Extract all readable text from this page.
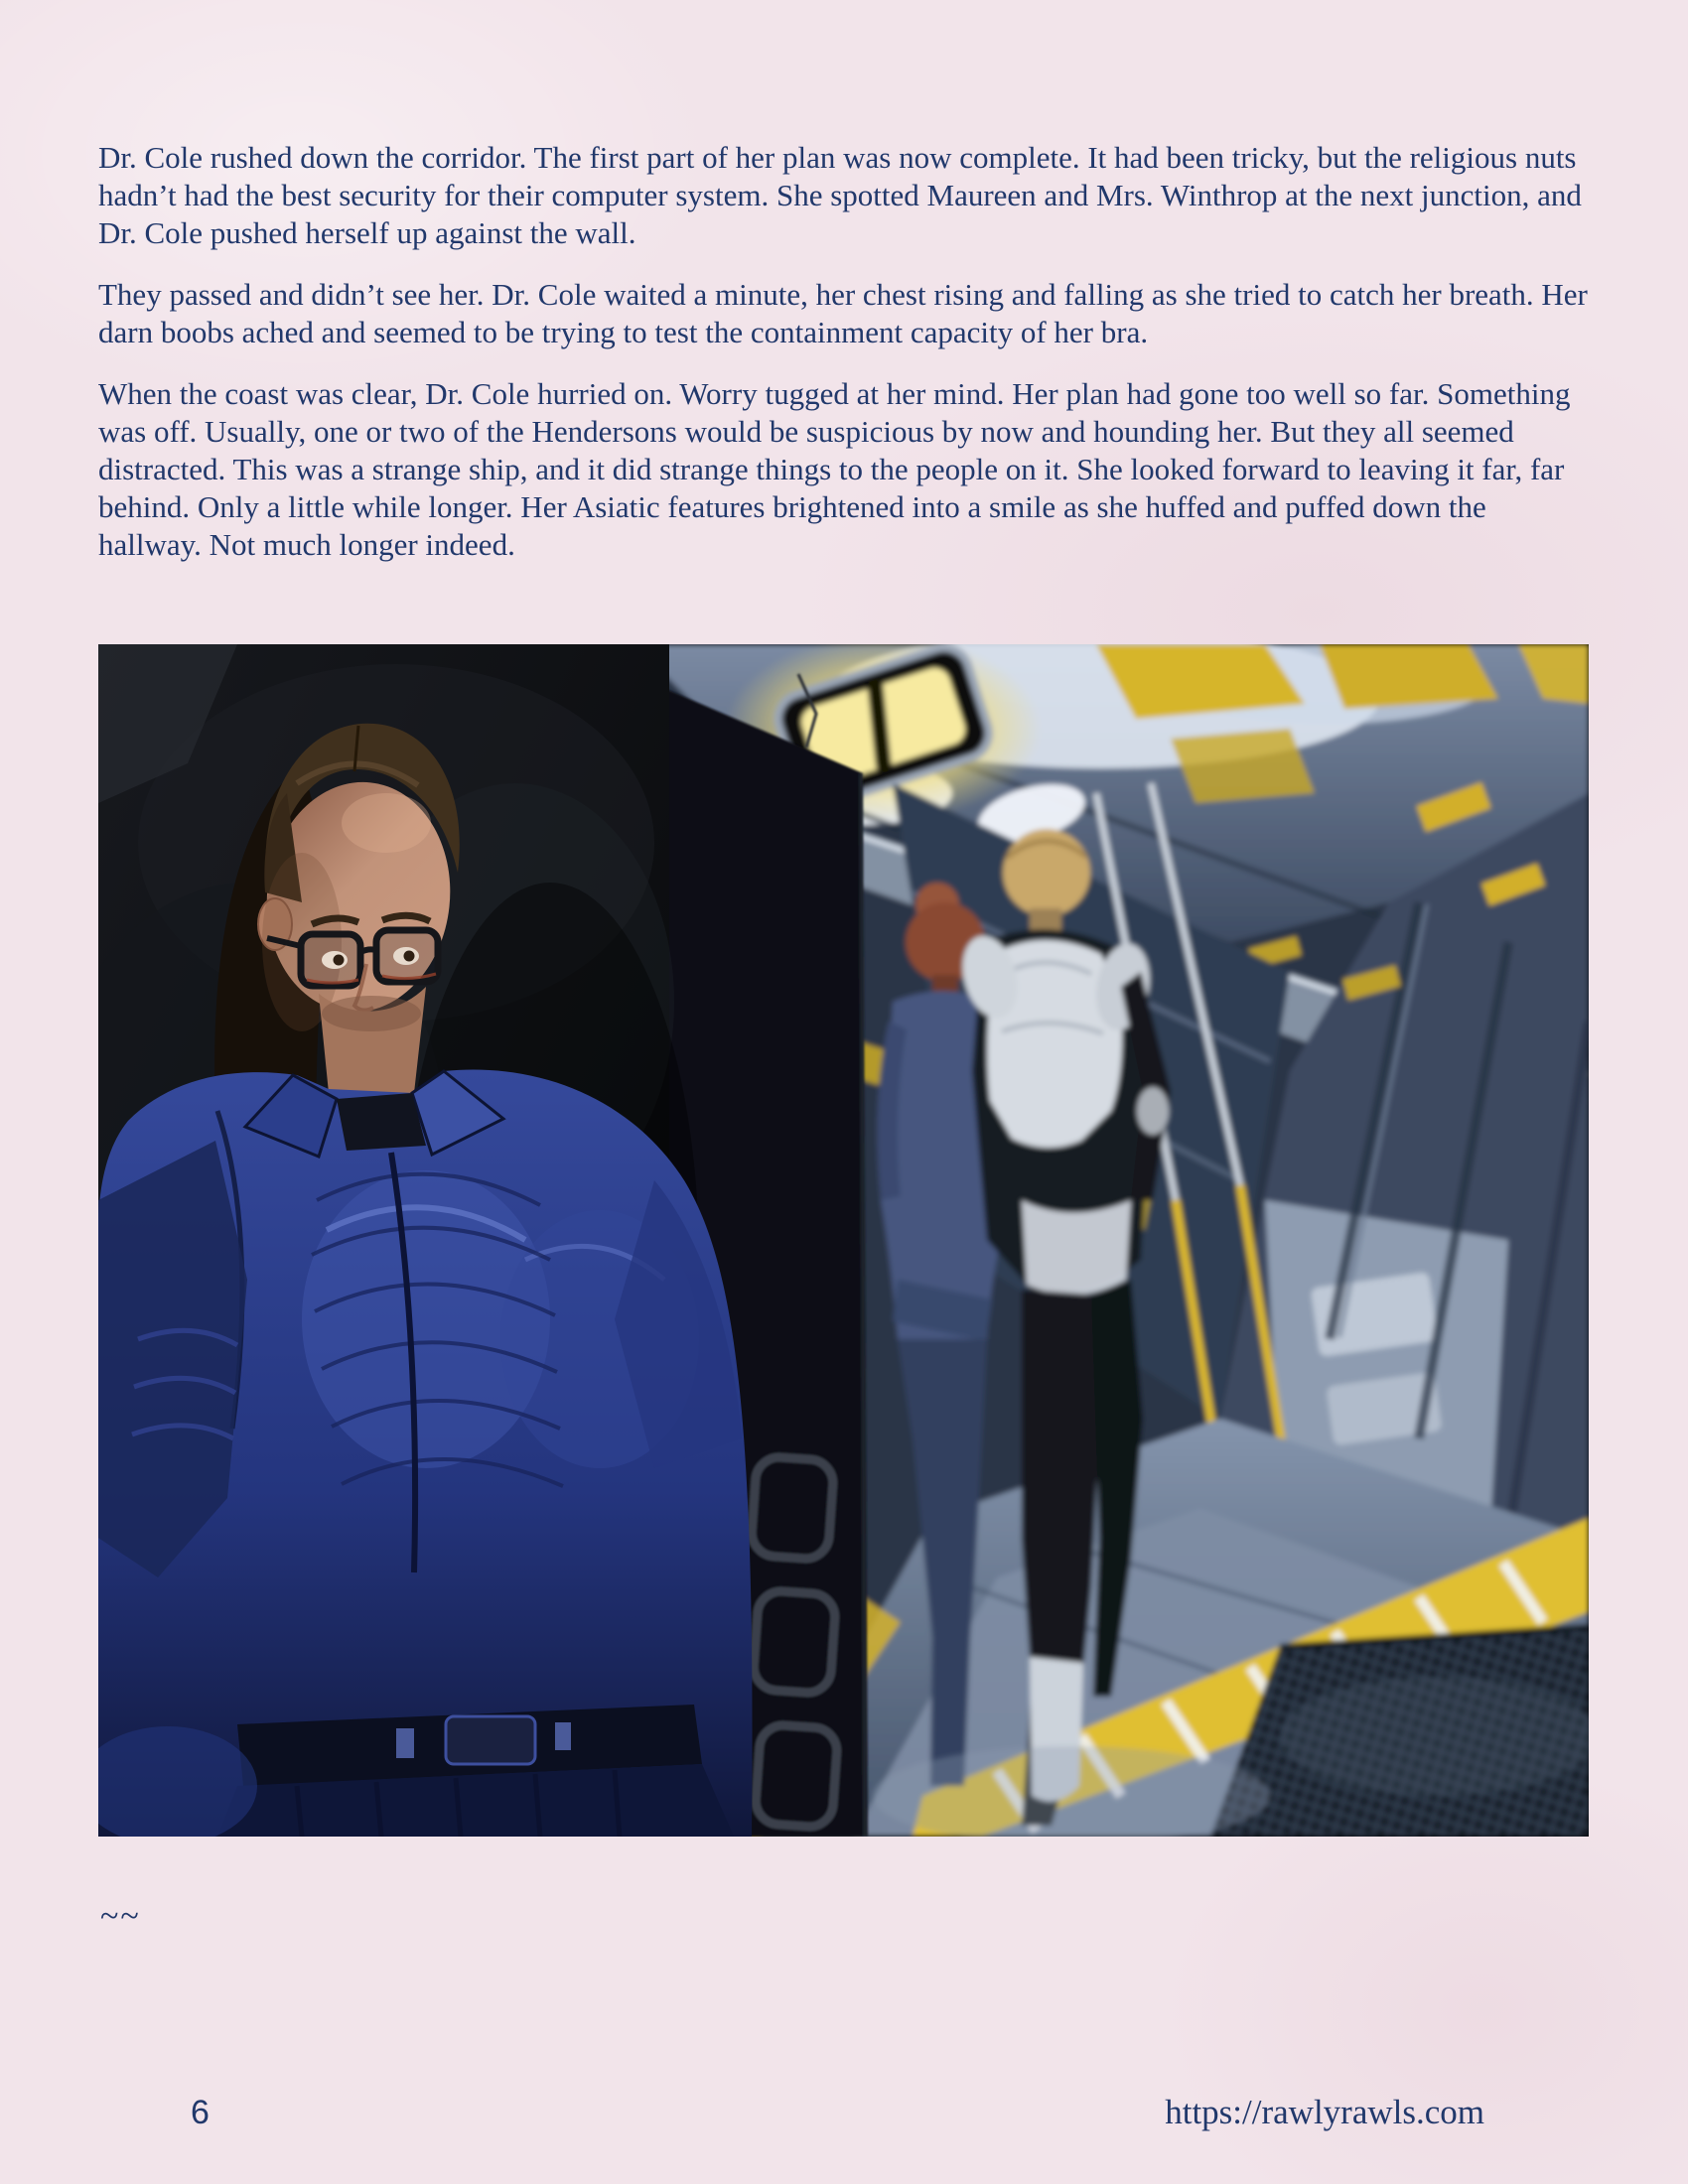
Dr. Cole rushed down the corridor. The first part of her plan was now complete. It had been tricky, but the religious nuts hadn’t had the best security for their computer system. She spotted Maureen and Mrs. Winthrop at the next junction, and Dr. Cole pushed herself up against the wall.

They passed and didn’t see her. Dr. Cole waited a minute, her chest rising and falling as she tried to catch her breath. Her darn boobs ached and seemed to be trying to test the containment capacity of her bra.

When the coast was clear, Dr. Cole hurried on. Worry tugged at her mind. Her plan had gone too well so far. Something was off. Usually, one or two of the Hendersons would be suspicious by now and hounding her. But they all seemed distracted. This was a strange ship, and it did strange things to the people on it. She looked forward to leaving it far, far behind. Only a little while longer. Her Asiatic features brightened into a smile as she huffed and puffed down the hallway. Not much longer indeed.

~~
6	https://rawlyrawls.com
